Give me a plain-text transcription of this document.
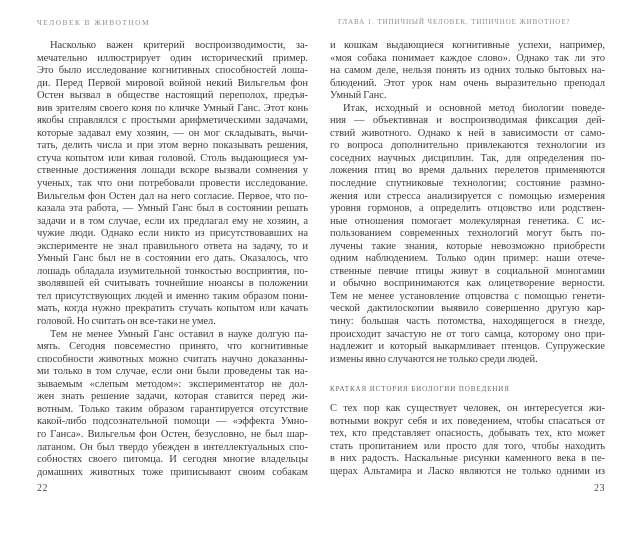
ЧЕЛОВЕК В ЖИВОТНОМ
Насколько важен критерий воспроизводимости, за-
мечательно иллюстрирует один исторический пример.
Это было исследование когнитивных способностей лоша-
ди. Перед Первой мировой войной некий Вильгельм фон
Остен вызвал в обществе настоящий переполох, предъя-
вив зрителям своего коня по кличке Умный Ганс. Этот конь
якобы справлялся с простыми арифметическими задачами,
которые задавал ему хозяин, — он мог складывать, вычи-
тать, делить числа и при этом верно показывать решения,
стуча копытом или кивая головой. Столь выдающиеся ум-
ственные достижения лошади вскоре вызвали сомнения у
ученых, так что они потребовали провести исследование.
Вильгельм фон Остен дал на него согласие. Первое, что по-
казала эта работа, — Умный Ганс был в состоянии решать
задачи и в том случае, если их предлагал ему не хозяин, а
чужие люди. Однако если никто из присутствовавших на
эксперименте не знал правильного ответа на задачу, то и
Умный Ганс был не в состоянии его дать. Оказалось, что
лошадь обладала изумительной тонкостью восприятия, по-
зволявшей ей считывать точнейшие нюансы в положении
тел присутствующих людей и именно таким образом пони-
мать, когда нужно прекратить стучать копытом или качать
головой. Но считать он все-таки не умел.
Тем не менее Умный Ганс оставил в науке долгую па-
мять. Сегодня повсеместно принято, что когнитивные
способности животных можно считать научно доказанны-
ми только в том случае, если они были проведены так на-
зываемым «слепым методом»: экспериментатор не дол-
жен знать решение задачи, которая ставится перед жи-
вотным. Только таким образом гарантируется отсутствие
какой-либо подсознательной помощи — «эффекта Умно-
го Ганса». Вильгельм фон Остен, безусловно, не был шар-
латаном. Он был твердо убежден в интеллектуальных спо-
собностях своего питомца. И сегодня многие владельцы
домашних животных тоже приписывают своим собакам
ГЛАВА 1. ТИПИЧНЫЙ ЧЕЛОВЕК, ТИПИЧНОЕ ЖИВОТНОЕ?
и кошкам выдающиеся когнитивные успехи, например,
«моя собака понимает каждое слово». Однако так ли это
на самом деле, нельзя понять из одних только бытовых на-
блюдений. Этот урок нам очень выразительно преподал
Умный Ганс.
Итак, исходный и основной метод биологии поведе-
ния — объективная и воспроизводимая фиксация дей-
ствий животного. Однако к ней в зависимости от само-
го вопроса дополнительно привлекаются технологии из
соседних научных дисциплин. Так, для определения по-
ложения птиц во время дальних перелетов применяются
последние спутниковые технологии; состояние размно-
жения или стресса анализируется с помощью измерения
уровня гормонов, а определить отцовство или родствен-
ные отношения помогает молекулярная генетика. С ис-
пользованием современных технологий могут быть по-
лучены такие знания, которые невозможно приобрести
одним наблюдением. Только один пример: наши отече-
ственные певчие птицы живут в социальной моногамии
и обычно воспринимаются как олицетворение верности.
Тем не менее установление отцовства с помощью генети-
ческой дактилоскопии выявило совершенно другую кар-
тину: большая часть потомства, находящегося в гнезде,
происходит зачастую не от того самца, которому оно при-
надлежит и который выкармливает птенцов. Супружеские
измены явно случаются не только среди людей.
КРАТКАЯ ИСТОРИЯ БИОЛОГИИ ПОВЕДЕНИЯ
С тех пор как существует человек, он интересуется жи-
вотными вокруг себя и их поведением, чтобы спасаться от
тех, кто представляет опасность, добывать тех, кто может
стать пропитанием или просто для того, чтобы находить
в них радость. Наскальные рисунки каменного века в пе-
щерах Альтамира и Ласко являются не только одними из
22	23
